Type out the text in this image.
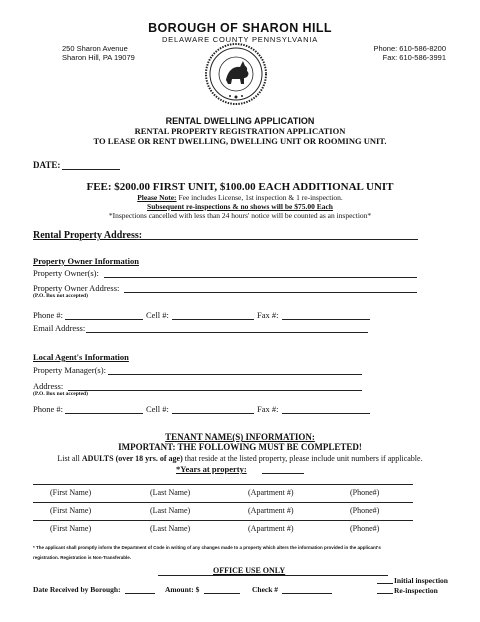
BOROUGH OF SHARON HILL
DELAWARE COUNTY PENNSYLVANIA
250 Sharon Avenue
Sharon Hill, PA 19079
Phone: 610-586-8200
Fax: 610-586-3991
RENTAL DWELLING APPLICATION
RENTAL PROPERTY REGISTRATION APPLICATION
TO LEASE OR RENT DWELLING, DWELLING UNIT OR ROOMING UNIT.
DATE:
FEE: $200.00 FIRST UNIT, $100.00 EACH ADDITIONAL UNIT
Please Note: Fee includes License, 1st inspection & 1 re-inspection.
Subsequent re-inspections & no shows will be $75.00 Each
*Inspections cancelled with less than 24 hours' notice will be counted as an inspection*
Rental Property Address:
Property Owner Information
Property Owner(s):
Property Owner Address:
(P.O. Box not accepted)
Phone #:	Cell #:	Fax #:
Email Address:
Local Agent's Information
Property Manager(s):
Address:
(P.O. Box not accepted)
Phone #:	Cell #:	Fax #:
TENANT NAME(S) INFORMATION:
IMPORTANT: THE FOLLOWING MUST BE COMPLETED!
List all ADULTS (over 18 yrs. of age) that reside at the listed property, please include unit numbers if applicable.
*Years at property:
(First Name)	(Last Name)	(Apartment #)	(Phone#)
(First Name)	(Last Name)	(Apartment #)	(Phone#)
(First Name)	(Last Name)	(Apartment #)	(Phone#)
* The applicant shall promptly inform the Department of Code in writing of any changes made to a property which alters the information provided in the applicant's
registration. Registration is Non-Transferable.
OFFICE USE ONLY
Date Received by Borough:	Amount: $	Check #
Initial inspection
Re-inspection
